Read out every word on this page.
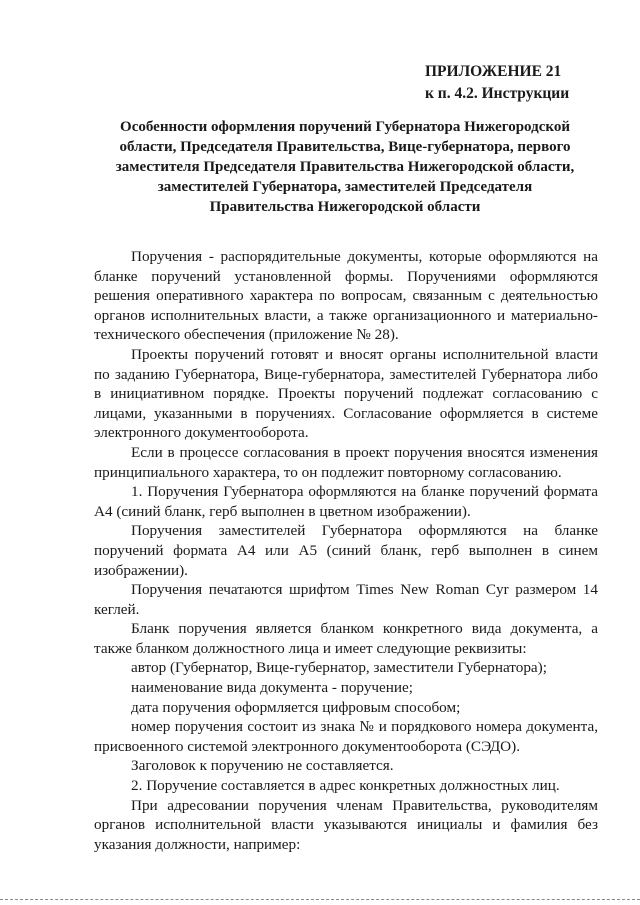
ПРИЛОЖЕНИЕ 21
к п. 4.2. Инструкции
Особенности оформления поручений Губернатора Нижегородской области, Председателя Правительства, Вице-губернатора, первого заместителя Председателя Правительства Нижегородской области, заместителей Губернатора, заместителей Председателя Правительства Нижегородской области

Поручения - распорядительные документы, которые оформляются на бланке поручений установленной формы. Поручениями оформляются решения оперативного характера по вопросам, связанным с деятельностью органов исполнительных власти, а также организационного и материально-технического обеспечения (приложение № 28).

Проекты поручений готовят и вносят органы исполнительной власти по заданию Губернатора, Вице-губернатора, заместителей Губернатора либо в инициативном порядке. Проекты поручений подлежат согласованию с лицами, указанными в поручениях. Согласование оформляется в системе электронного документооборота.

Если в процессе согласования в проект поручения вносятся изменения принципиального характера, то он подлежит повторному согласованию.

1. Поручения Губернатора оформляются на бланке поручений формата А4 (синий бланк, герб выполнен в цветном изображении).

Поручения заместителей Губернатора оформляются на бланке поручений формата А4 или А5 (синий бланк, герб выполнен в синем изображении).

Поручения печатаются шрифтом Times New Roman Cyr размером 14 кеглей.

Бланк поручения является бланком конкретного вида документа, а также бланком должностного лица и имеет следующие реквизиты:

автор (Губернатор, Вице-губернатор, заместители Губернатора);

наименование вида документа - поручение;

дата поручения оформляется цифровым способом;

номер поручения состоит из знака № и порядкового номера документа, присвоенного системой электронного документооборота (СЭДО).

Заголовок к поручению не составляется.

2. Поручение составляется в адрес конкретных должностных лиц.

При адресовании поручения членам Правительства, руководителям органов исполнительной власти указываются инициалы и фамилия без указания должности, например:
